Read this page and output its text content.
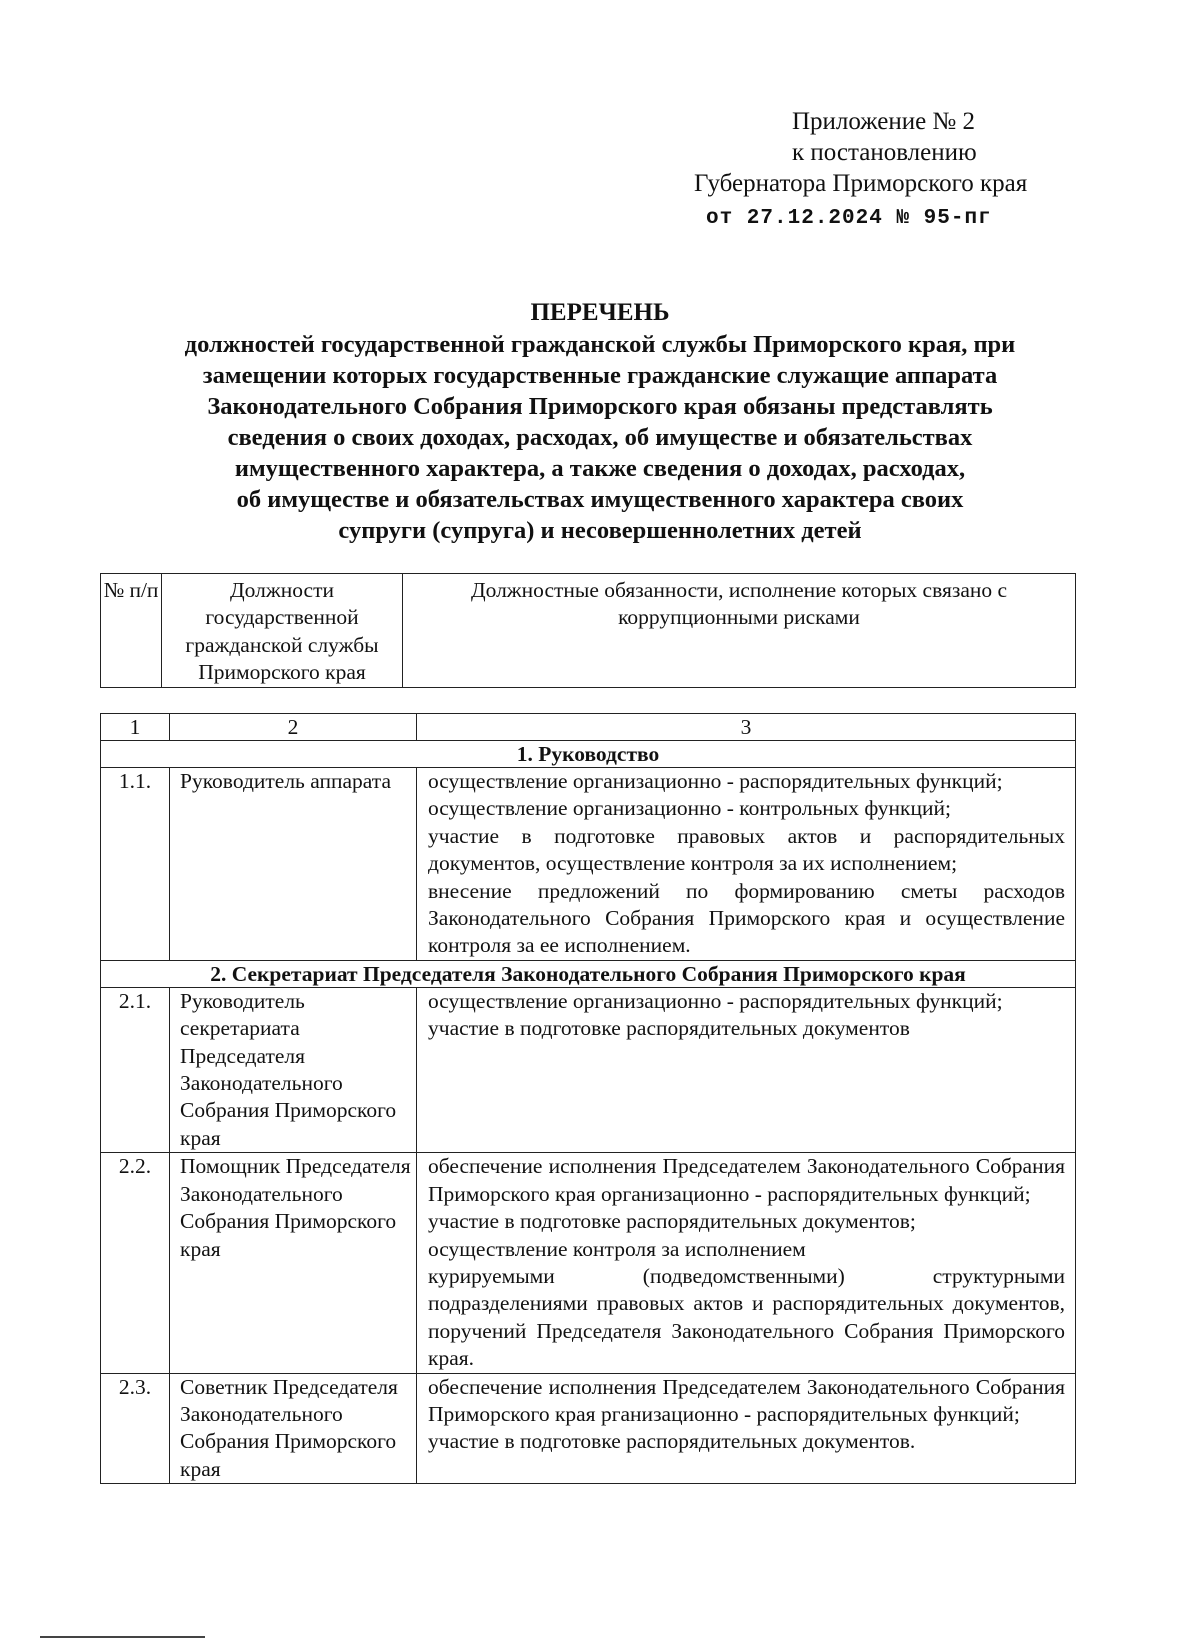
Приложение № 2
к постановлению
Губернатора Приморского края
от 27.12.2024 № 95-пг
ПЕРЕЧЕНЬ
должностей государственной гражданской службы Приморского края, при
замещении которых государственные гражданские служащие аппарата
Законодательного Собрания Приморского края обязаны представлять
сведения о своих доходах, расходах, об имуществе и обязательствах
имущественного характера, а также сведения о доходах, расходах,
об имуществе и обязательствах имущественного характера своих
супруги (супруга) и несовершеннолетних детей
№ п/п	Должности государственной гражданской службы Приморского края	Должностные обязанности, исполнение которых связано с коррупционными рисками
1	2	3
1. Руководство		
1.1.	Руководитель аппарата	осуществление организационно - распорядительных функций;
осуществление организационно - контрольных функций;
участие в подготовке правовых актов и распорядительных документов, осуществление контроля за их исполнением;
внесение предложений по формированию сметы расходов Законодательного Собрания Приморского края и осуществление контроля за ее исполнением.

2. Секретариат Председателя Законодательного Собрания Приморского края		
2.1.	Руководитель секретариата Председателя Законодательного Собрания Приморского края	осуществление организационно - распорядительных функций;
участие в подготовке распорядительных документов

2.2.	Помощник Председателя Законодательного Собрания Приморского края	обеспечение исполнения Председателем Законодательного Собрания Приморского края организационно - распорядительных функций;
участие в подготовке распорядительных документов;
осуществление контроля за исполнением
курируемыми (подведомственными) структурными подразделениями правовых актов и распорядительных документов, поручений Председателя Законодательного Собрания Приморского края.

2.3.	Советник Председателя Законодательного Собрания Приморского края	обеспечение исполнения Председателем Законодательного Собрания Приморского края рганизационно - распорядительных функций;
участие в подготовке распорядительных документов.
